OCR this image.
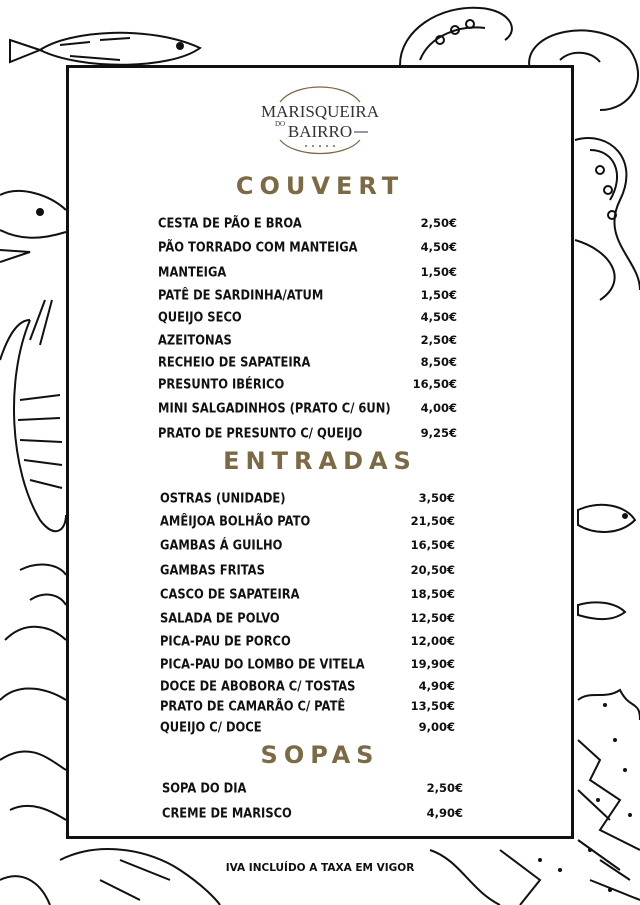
MARISQUEIRA
DO BAIRRO
COUVERT
ENTRADAS
SOPAS
CESTA DE PÃO E BROA	2,50€
PÃO TORRADO COM MANTEIGA	4,50€
MANTEIGA	1,50€
PATÊ DE SARDINHA/ATUM	1,50€
QUEIJO SECO	4,50€
AZEITONAS	2,50€
RECHEIO DE SAPATEIRA	8,50€
PRESUNTO IBÉRICO	16,50€
MINI SALGADINHOS (PRATO C/ 6UN)	4,00€
PRATO DE PRESUNTO C/ QUEIJO	9,25€
OSTRAS (UNIDADE)	3,50€
AMÊIJOA BOLHÃO PATO	21,50€
GAMBAS Á GUILHO	16,50€
GAMBAS FRITAS	20,50€
CASCO DE SAPATEIRA	18,50€
SALADA DE POLVO	12,50€
PICA-PAU DE PORCO	12,00€
PICA-PAU DO LOMBO DE VITELA	19,90€
DOCE DE ABOBORA C/ TOSTAS	4,90€
PRATO DE CAMARÃO C/ PATÊ	13,50€
QUEIJO C/ DOCE	9,00€
SOPA DO DIA	2,50€
CREME DE MARISCO	4,90€
IVA INCLUÍDO A TAXA EM VIGOR
